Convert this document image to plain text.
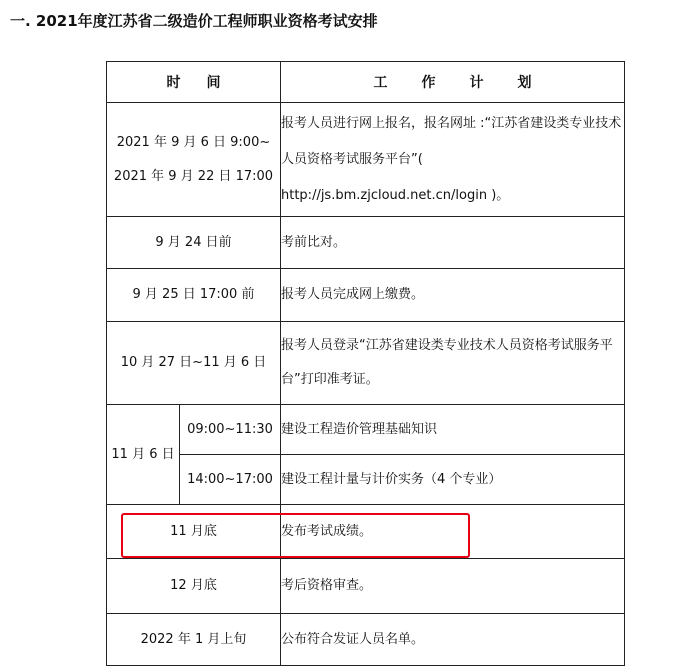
一. 2021年度江苏省二级造价工程师职业资格考试安排
时间		工作计划

2021 年 9 月 6 日 9:00~
2021 年 9 月 22 日 17:00		报考人员进行网上报名，报名网址 :“江苏省建设类专业技术人员资格考试服务平台”( http://js.bm.zjcloud.net.cn/login )。
9 月 24 日前		考前比对。
9 月 25 日 17:00 前		报考人员完成网上缴费。
10 月 27 日~11 月 6 日		报考人员登录“江苏省建设类专业技术人员资格考试服务平台”打印准考证。
11 月 6 日	09:00~11:30	建设工程造价管理基础知识
	14:00~17:00	建设工程计量与计价实务（4 个专业）
11 月底		发布考试成绩。
12 月底		考后资格审查。
2022 年 1 月上旬		公布符合发证人员名单。
